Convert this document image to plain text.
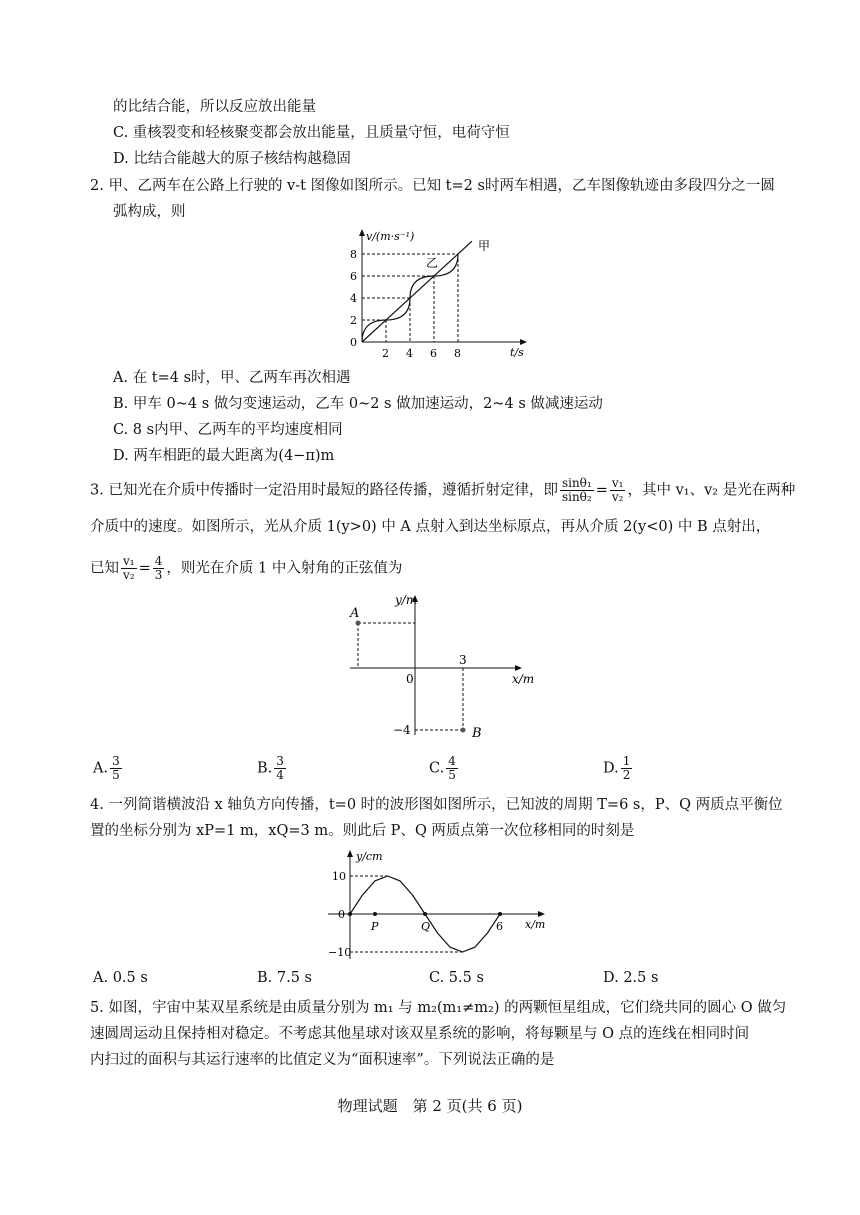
的比结合能，所以反应放出能量
C. 重核裂变和轻核聚变都会放出能量，且质量守恒，电荷守恒
D. 比结合能越大的原子核结构越稳固
2. 甲、乙两车在公路上行驶的 v-t 图像如图所示。已知 t=2 s时两车相遇，乙车图像轨迹由多段四分之一圆
弧构成，则
v/(m·s⁻¹)
t/s
0
2 4 6 8
2
4
6
8
甲
乙
A. 在 t=4 s时，甲、乙两车再次相遇
B. 甲车 0~4 s 做匀变速运动，乙车 0~2 s 做加速运动，2~4 s 做减速运动
C. 8 s内甲、乙两车的平均速度相同
D. 两车相距的最大距离为(4−π)m
3. 已知光在介质中传播时一定沿用时最短的路径传播，遵循折射定律，即 $\frac{\text{sinθ₁}}{\text{sinθ₂}} = \frac{\text{v₁}}{\text{v₂}}$ ，其中 v₁、v₂ 是光在两种
介质中的速度。如图所示，光从介质 1(y>0) 中 A 点射入到达坐标原点，再从介质 2(y<0) 中 B 点射出，
已知 $\frac{\text{v₁}}{\text{v₂}} = \frac{4}{3}$ ，则光在介质 1 中入射角的正弦值为
A
B
y/m
x/m
0
3
−4
A. $\frac{3}{5}$	B. $\frac{3}{4}$	C. $\frac{4}{5}$	D. $\frac{1}{2}$
4. 一列简谐横波沿 x 轴负方向传播，t=0 时的波形图如图所示，已知波的周期 T=6 s，P、Q 两质点平衡位
置的坐标分别为 xP=1 m，xQ=3 m。则此后 P、Q 两质点第一次位移相同的时刻是
y/cm
x/m
10
0
−10
P	Q	6
A. 0.5 s	B. 7.5 s	C. 5.5 s	D. 2.5 s
5. 如图，宇宙中某双星系统是由质量分别为 m₁ 与 m₂(m₁≠m₂) 的两颗恒星组成，它们绕共同的圆心 O 做匀
速圆周运动且保持相对稳定。不考虑其他星球对该双星系统的影响，将每颗星与 O 点的连线在相同时间
内扫过的面积与其运行速率的比值定义为“面积速率”。下列说法正确的是
物理试题　第 2 页(共 6 页)
